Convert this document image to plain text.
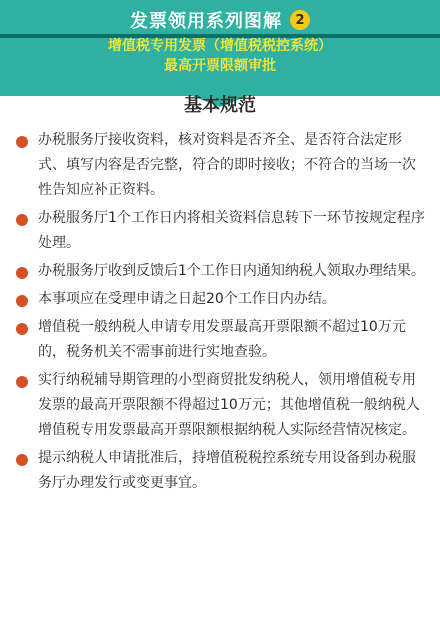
发票领用系列图解	2
增值税专用发票（增值税税控系统）
最高开票限额审批
基本规范
办税服务厅接收资料，核对资料是否齐全、是否符合法定形式、填写内容是否完整，符合的即时接收；不符合的当场一次性告知应补正资料。
办税服务厅1个工作日内将相关资料信息转下一环节按规定程序处理。
办税服务厅收到反馈后1个工作日内通知纳税人领取办理结果。
本事项应在受理申请之日起20个工作日内办结。
增值税一般纳税人申请专用发票最高开票限额不超过10万元的，税务机关不需事前进行实地查验。
实行纳税辅导期管理的小型商贸批发纳税人，领用增值税专用发票的最高开票限额不得超过10万元；其他增值税一般纳税人增值税专用发票最高开票限额根据纳税人实际经营情况核定。
提示纳税人申请批准后，持增值税税控系统专用设备到办税服务厅办理发行或变更事宜。
